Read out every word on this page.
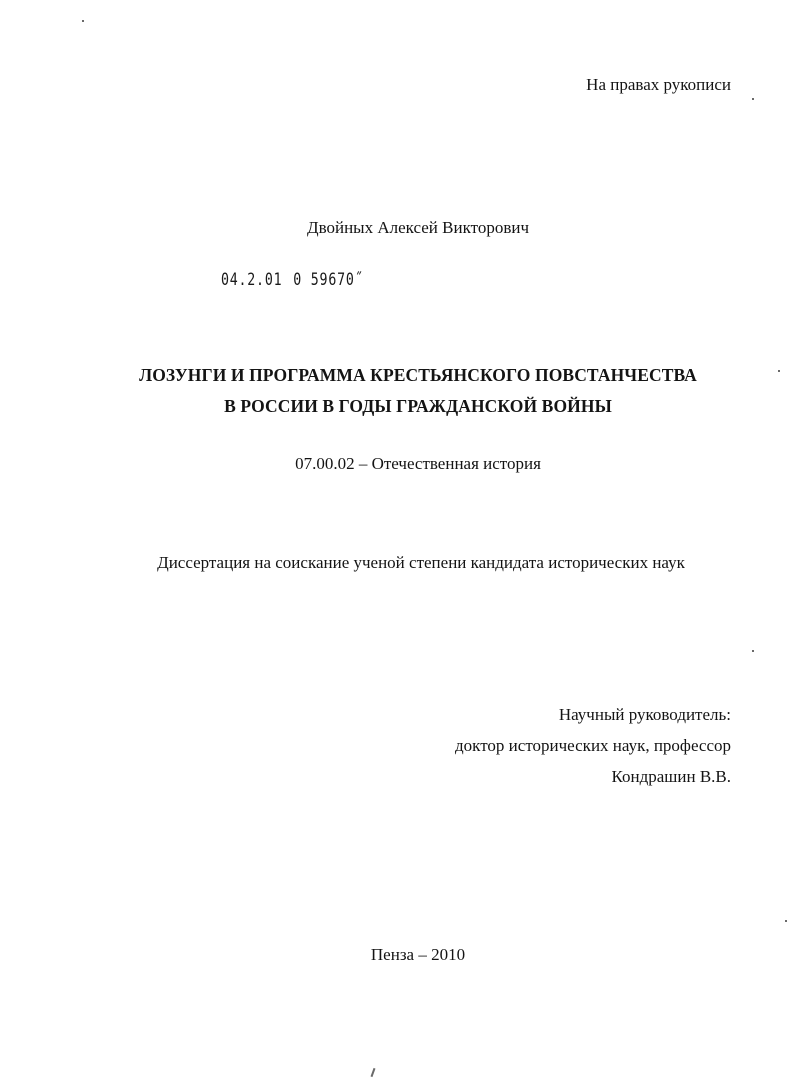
На правах рукописи
Двойных Алексей Викторович
04.2.01 0 59670˝
ЛОЗУНГИ И ПРОГРАММА КРЕСТЬЯНСКОГО ПОВСТАНЧЕСТВА
В РОССИИ В ГОДЫ ГРАЖДАНСКОЙ ВОЙНЫ
07.00.02 – Отечественная история
Диссертация на соискание ученой степени кандидата исторических наук
Научный руководитель:
доктор исторических наук, профессор
Кондрашин В.В.
Пенза – 2010
